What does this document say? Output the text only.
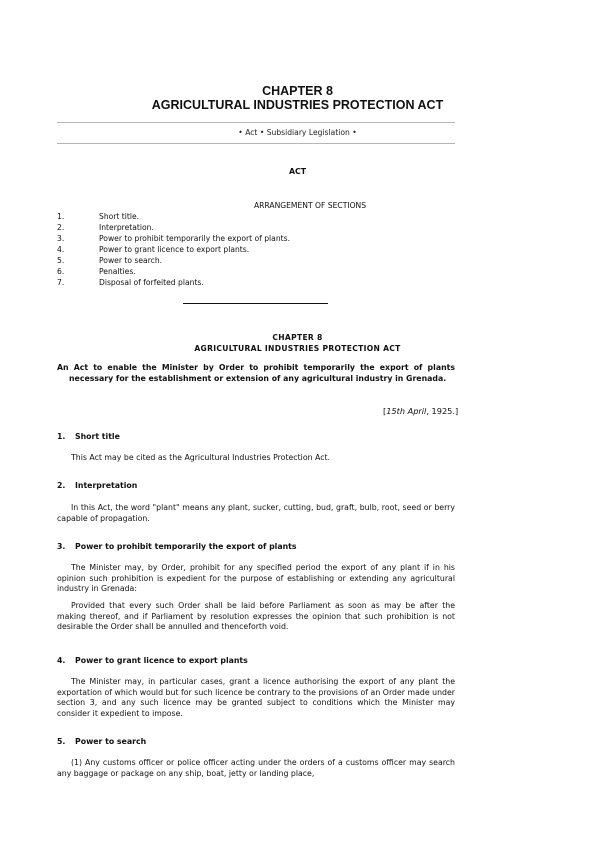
CHAPTER 8
AGRICULTURAL INDUSTRIES PROTECTION ACT
• Act • Subsidiary Legislation •
ACT
ARRANGEMENT OF SECTIONS
1.	Short title.
2.	Interpretation.
3.	Power to prohibit temporarily the export of plants.
4.	Power to grant licence to export plants.
5.	Power to search.
6.	Penalties.
7.	Disposal of forfeited plants.
CHAPTER 8
AGRICULTURAL INDUSTRIES PROTECTION ACT
An Act to enable the Minister by Order to prohibit temporarily the export of plants necessary for the establishment or extension of any agricultural industry in Grenada.
[15th April, 1925.]
1. Short title
This Act may be cited as the Agricultural Industries Protection Act.
2. Interpretation
In this Act, the word "plant" means any plant, sucker, cutting, bud, graft, bulb, root, seed or berry capable of propagation.
3. Power to prohibit temporarily the export of plants
The Minister may, by Order, prohibit for any specified period the export of any plant if in his opinion such prohibition is expedient for the purpose of establishing or extending any agricultural industry in Grenada:
Provided that every such Order shall be laid before Parliament as soon as may be after the making thereof, and if Parliament by resolution expresses the opinion that such prohibition is not desirable the Order shall be annulled and thenceforth void.
4. Power to grant licence to export plants
The Minister may, in particular cases, grant a licence authorising the export of any plant the exportation of which would but for such licence be contrary to the provisions of an Order made under section 3, and any such licence may be granted subject to conditions which the Minister may consider it expedient to impose.
5. Power to search
(1) Any customs officer or police officer acting under the orders of a customs officer may search any baggage or package on any ship, boat, jetty or landing place,
